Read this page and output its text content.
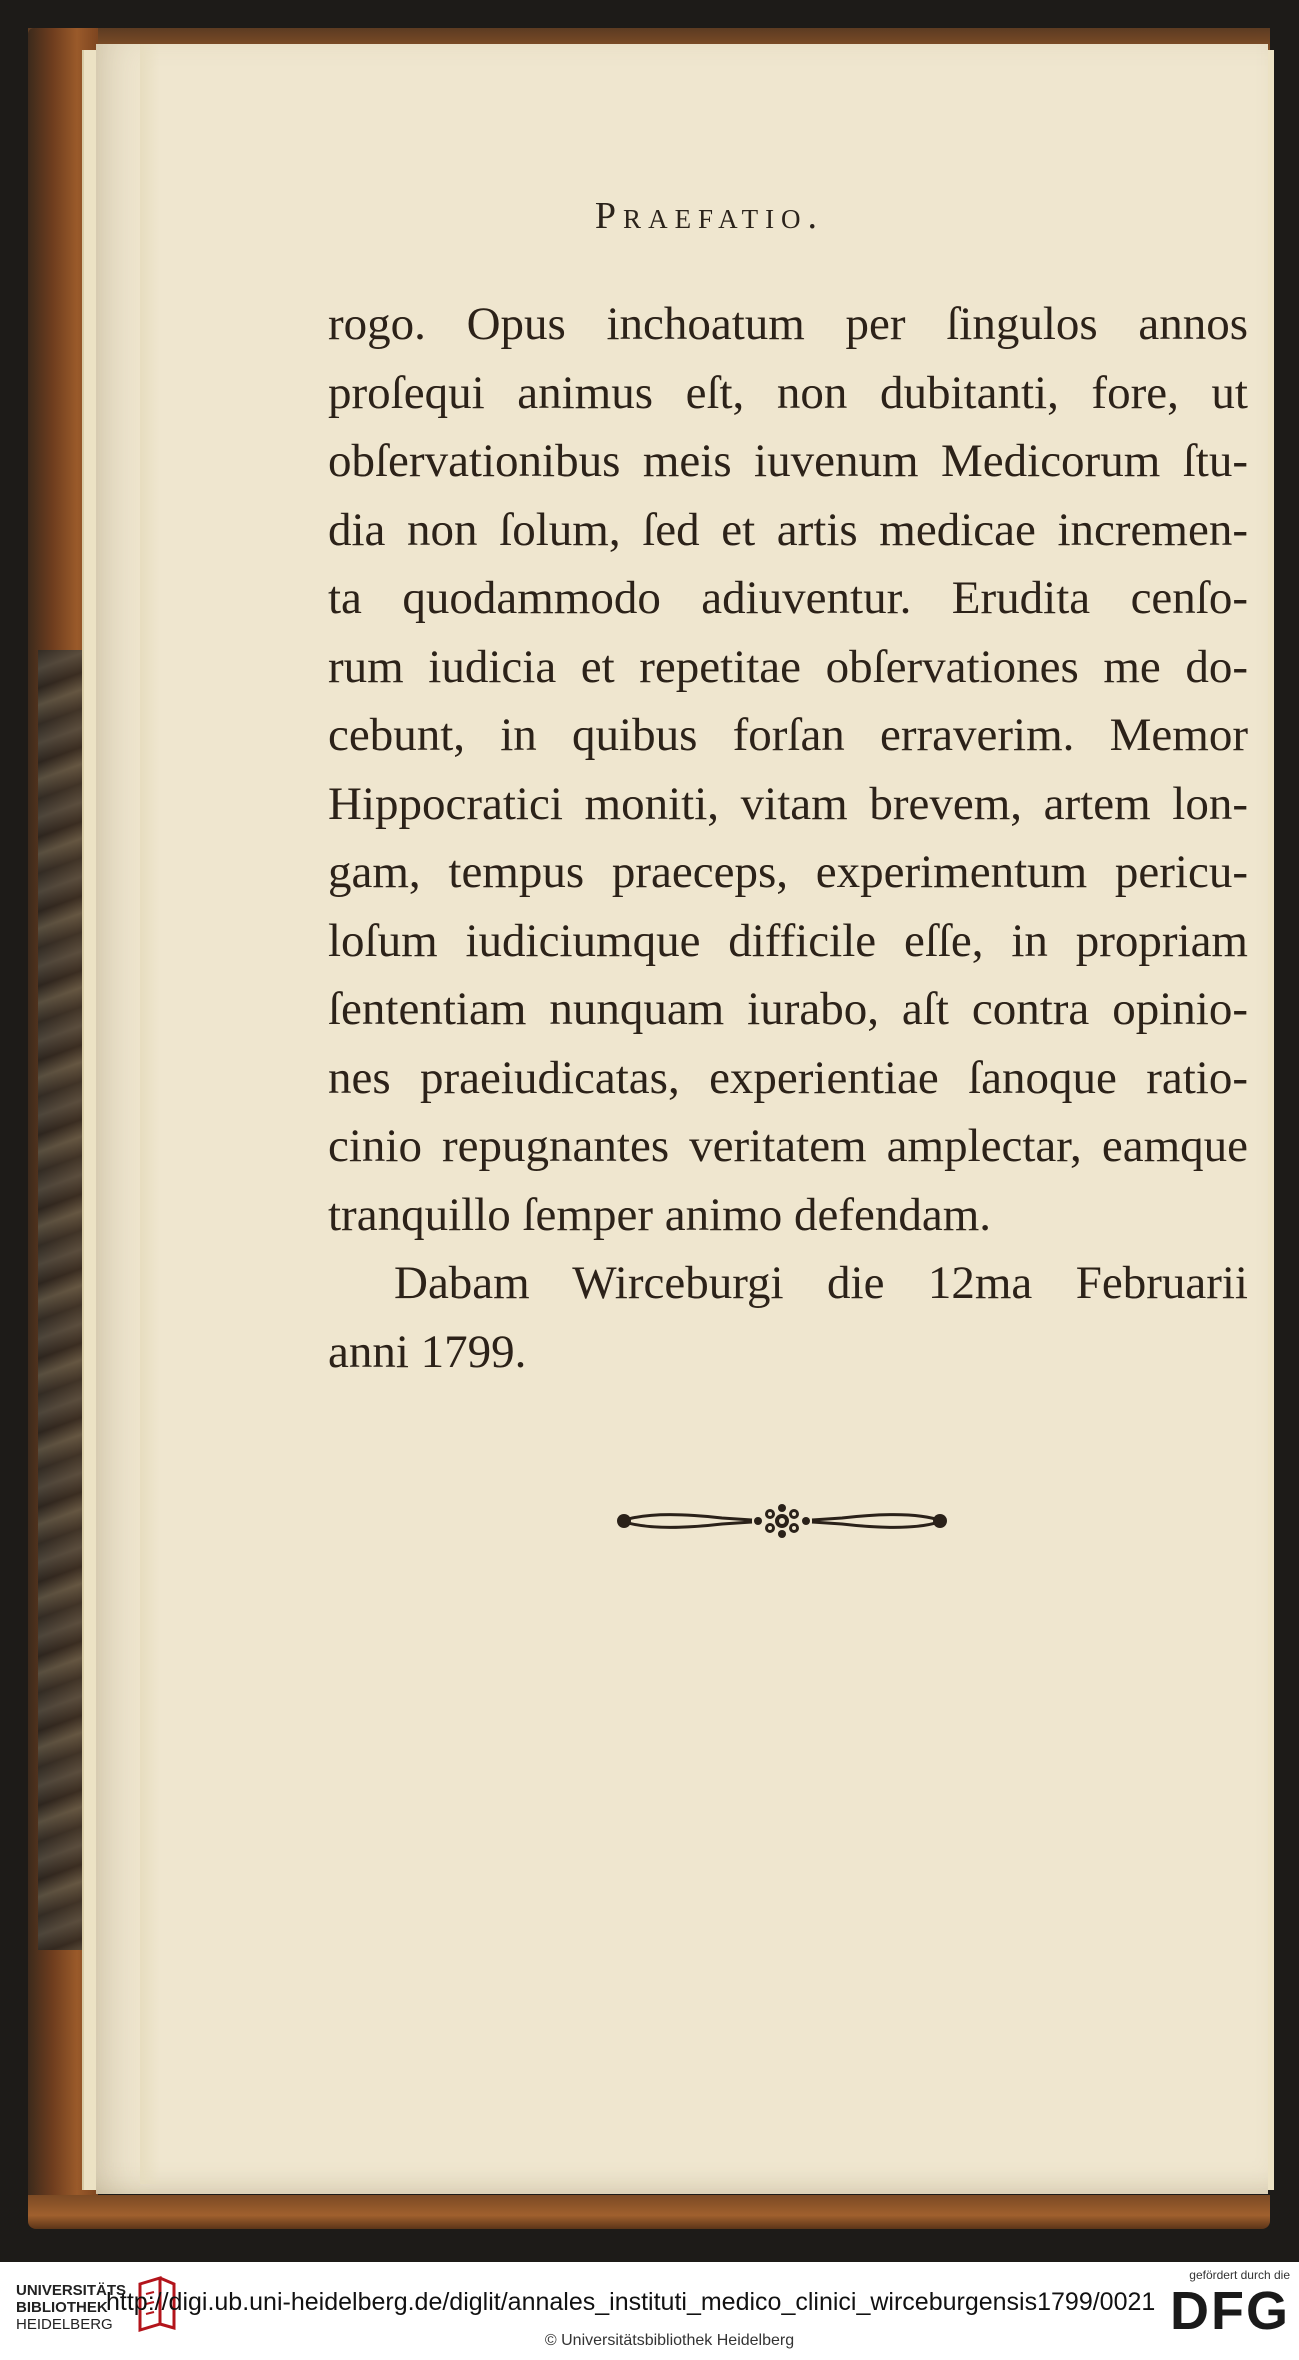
Praefatio.
rogo. Opus inchoatum per ſingulos annos
proſequi animus eſt, non dubitanti, fore, ut
obſervationibus meis iuvenum Medicorum ſtu-
dia non ſolum, ſed et artis medicae incremen-
ta quodammodo adiuventur. Erudita cenſo-
rum iudicia et repetitae obſervationes me do-
cebunt, in quibus forſan erraverim. Memor
Hippocratici moniti, vitam brevem, artem lon-
gam, tempus praeceps, experimentum pericu-
loſum iudiciumque difficile eſſe, in propriam
ſententiam nunquam iurabo, aſt contra opinio-
nes praeiudicatas, experientiae ſanoque ratio-
cinio repugnantes veritatem amplectar, eamque
tranquillo ſemper animo defendam.
Dabam Wirceburgi die 12ma Februarii
anni 1799.
UNIVERSITÄTS
BIBLIOTHEK
HEIDELBERG
http://digi.ub.uni-heidelberg.de/diglit/annales_instituti_medico_clinici_wirceburgensis1799/0021
© Universitätsbibliothek Heidelberg
gefördert durch die
DFG
